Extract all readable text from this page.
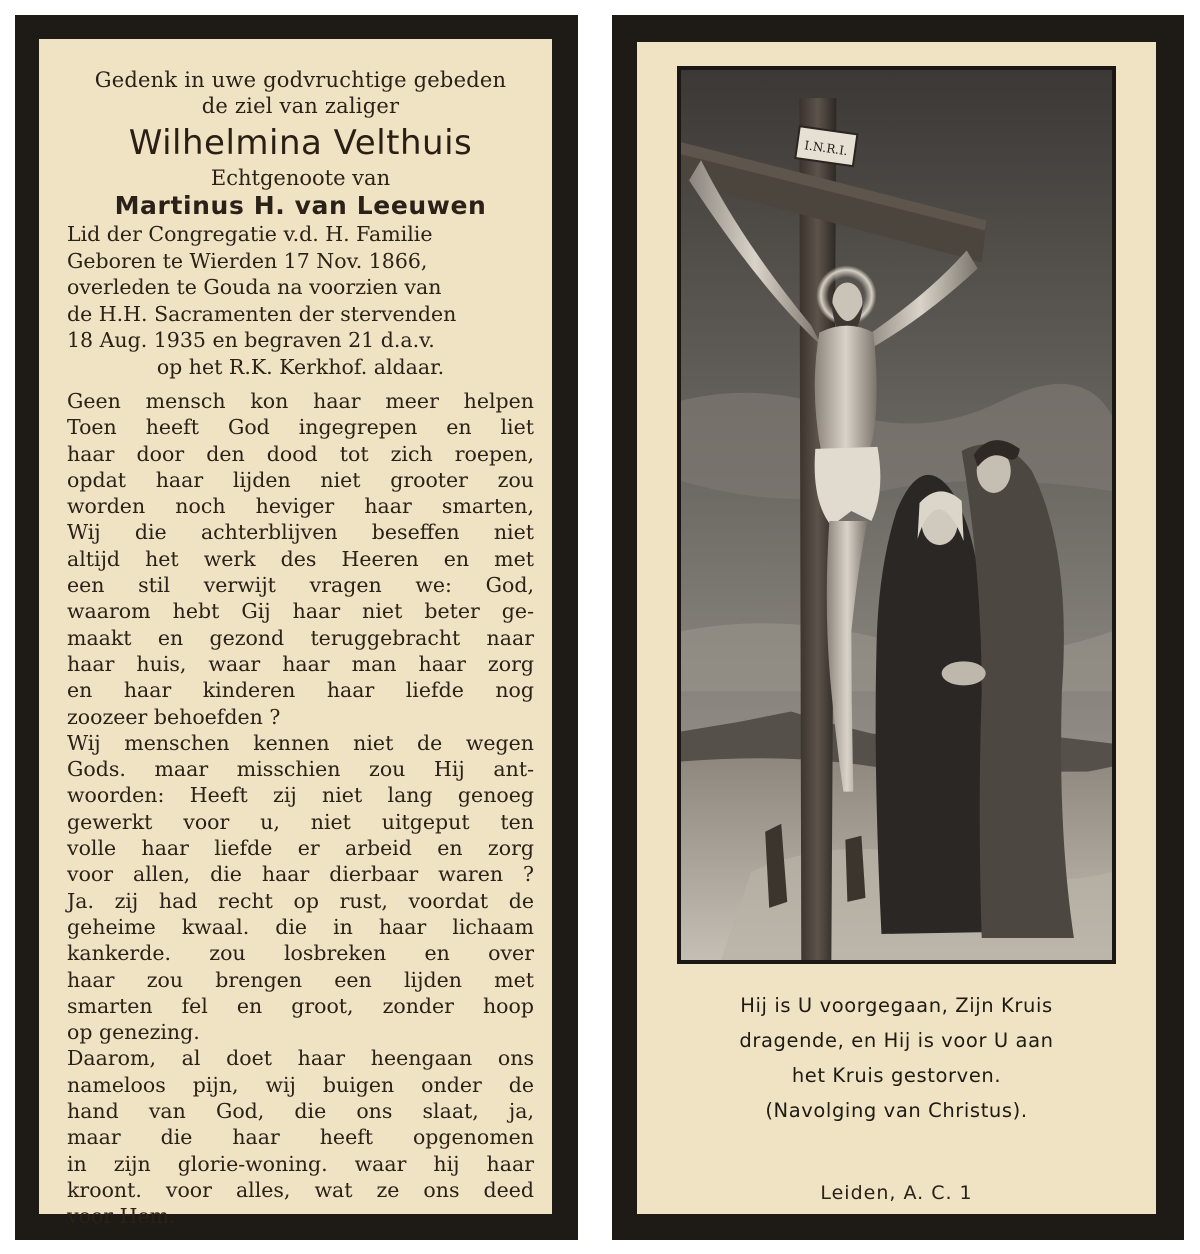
Gedenk in uwe godvruchtige gebeden
de ziel van zaliger
Wilhelmina Velthuis
Echtgenoote van
Martinus H. van Leeuwen
Lid der Congregatie v.d. H. Familie
Geboren te Wierden 17 Nov. 1866,
overleden te Gouda na voorzien van
de H.H. Sacramenten der stervenden
18 Aug. 1935 en begraven 21 d.a.v.
op het R.K. Kerkhof. aldaar.
Geen mensch kon haar meer helpen
Toen heeft God ingegrepen en liet
haar door den dood tot zich roepen,
opdat haar lijden niet grooter zou
worden noch heviger haar smarten,
Wij die achterblijven beseffen niet
altijd het werk des Heeren en met
een stil verwijt vragen we: God,
waarom hebt Gij haar niet beter ge-
maakt en gezond teruggebracht naar
haar huis, waar haar man haar zorg
en haar kinderen haar liefde nog
zoozeer behoefden ?
Wij menschen kennen niet de wegen
Gods. maar misschien zou Hij ant-
woorden: Heeft zij niet lang genoeg
gewerkt voor u, niet uitgeput ten
volle haar liefde er arbeid en zorg
voor allen, die haar dierbaar waren ?
Ja. zij had recht op rust, voordat de
geheime kwaal. die in haar lichaam
kankerde. zou losbreken en over
haar zou brengen een lijden met
smarten fel en groot, zonder hoop
op genezing.
Daarom, al doet haar heengaan ons
nameloos pijn, wij buigen onder de
hand van God, die ons slaat, ja,
maar die haar heeft opgenomen
in zijn glorie-woning. waar hij haar
kroont. voor alles, wat ze ons deed
voor Hem.
I.N.R.I.
Hij is U voorgegaan, Zijn Kruis
dragende, en Hij is voor U aan
het Kruis gestorven.
(Navolging van Christus).
Leiden, A. C. 1
